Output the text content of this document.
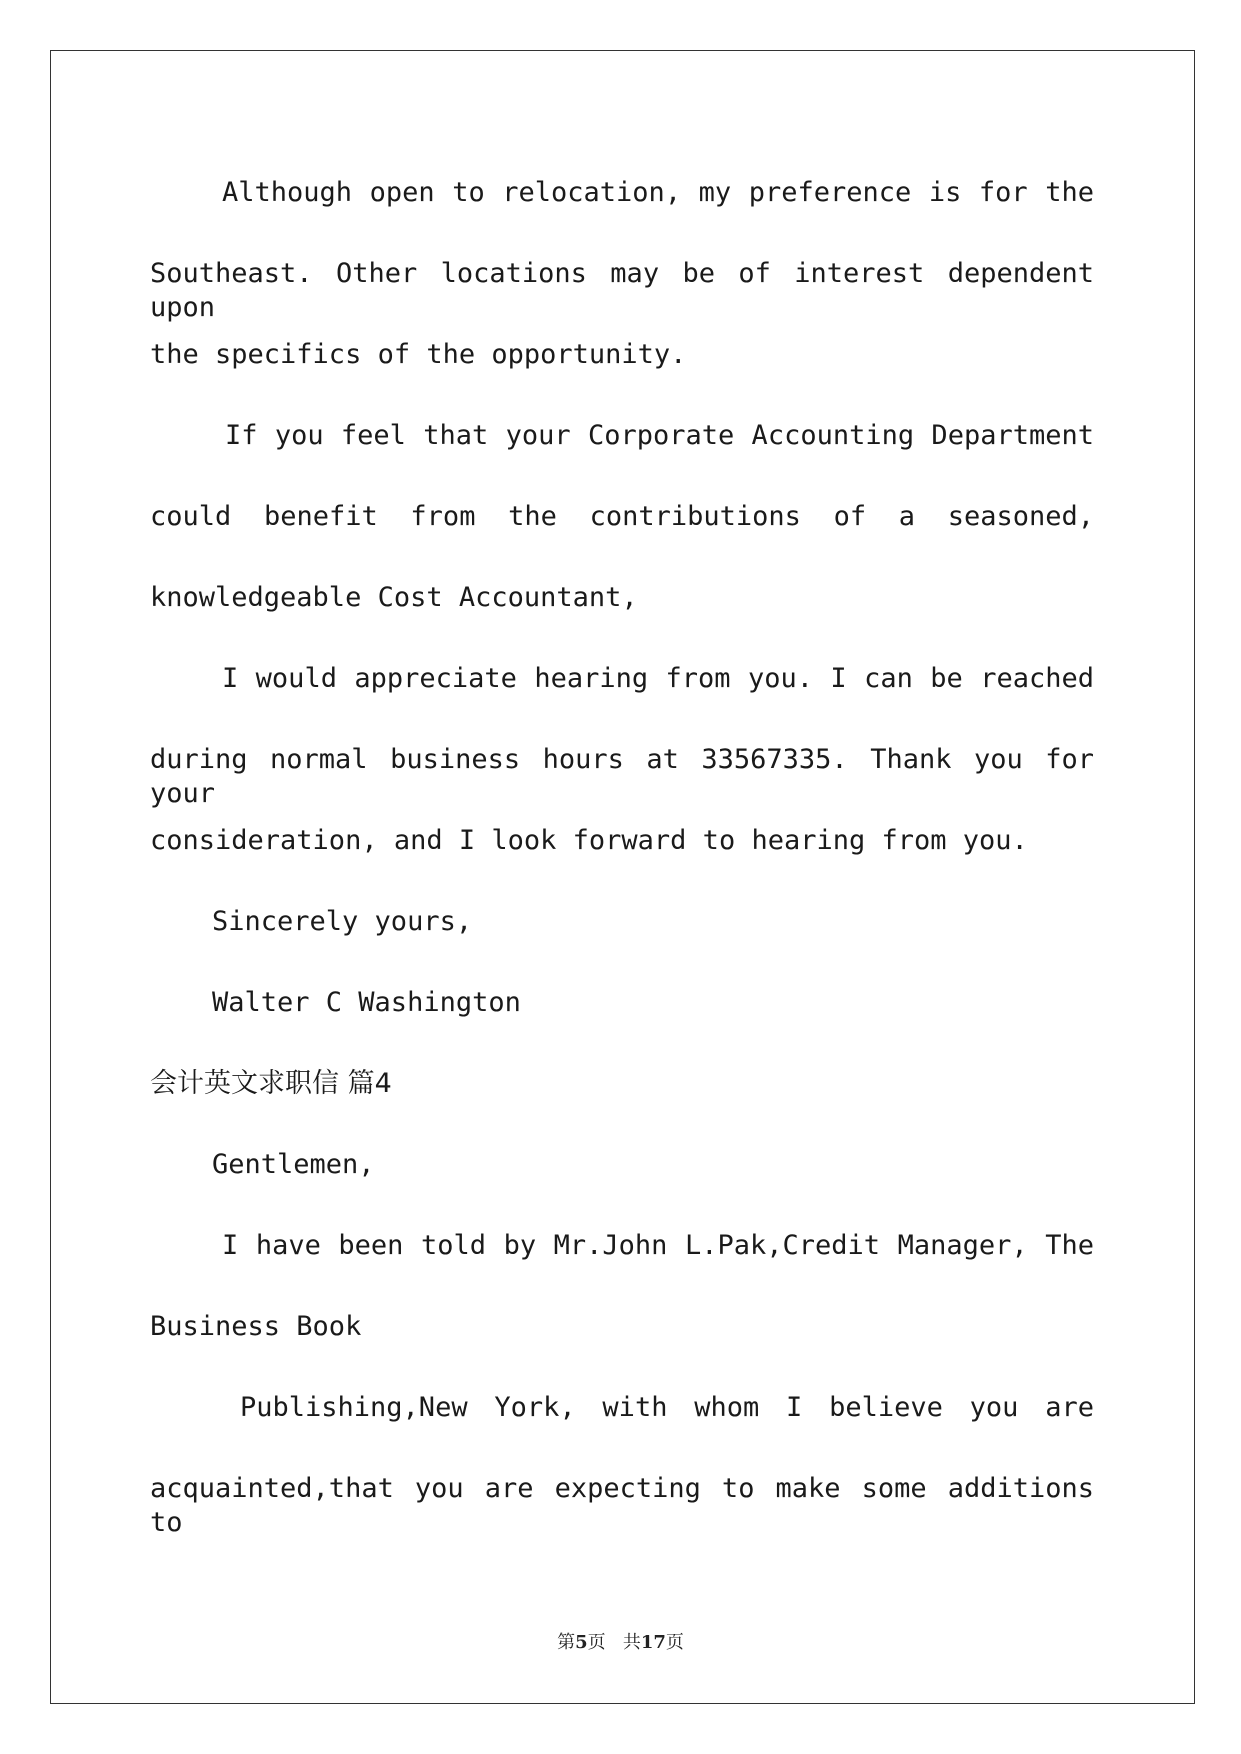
Although open to relocation, my preference is for the
Southeast. Other locations may be of interest dependent upon
the specifics of the opportunity.
If you feel that your Corporate Accounting Department
could benefit from the contributions of a seasoned,
knowledgeable Cost Accountant,
I would appreciate hearing from you. I can be reached
during normal business hours at 33567335. Thank you for your
consideration, and I look forward to hearing from you.
Sincerely yours,
Walter C Washington
会计英文求职信 篇4
Gentlemen,
I have been told by Mr.John L.Pak,Credit Manager, The
Business Book
Publishing,New York, with whom I believe you are
acquainted,that you are expecting to make some additions to
第5页 共17页
